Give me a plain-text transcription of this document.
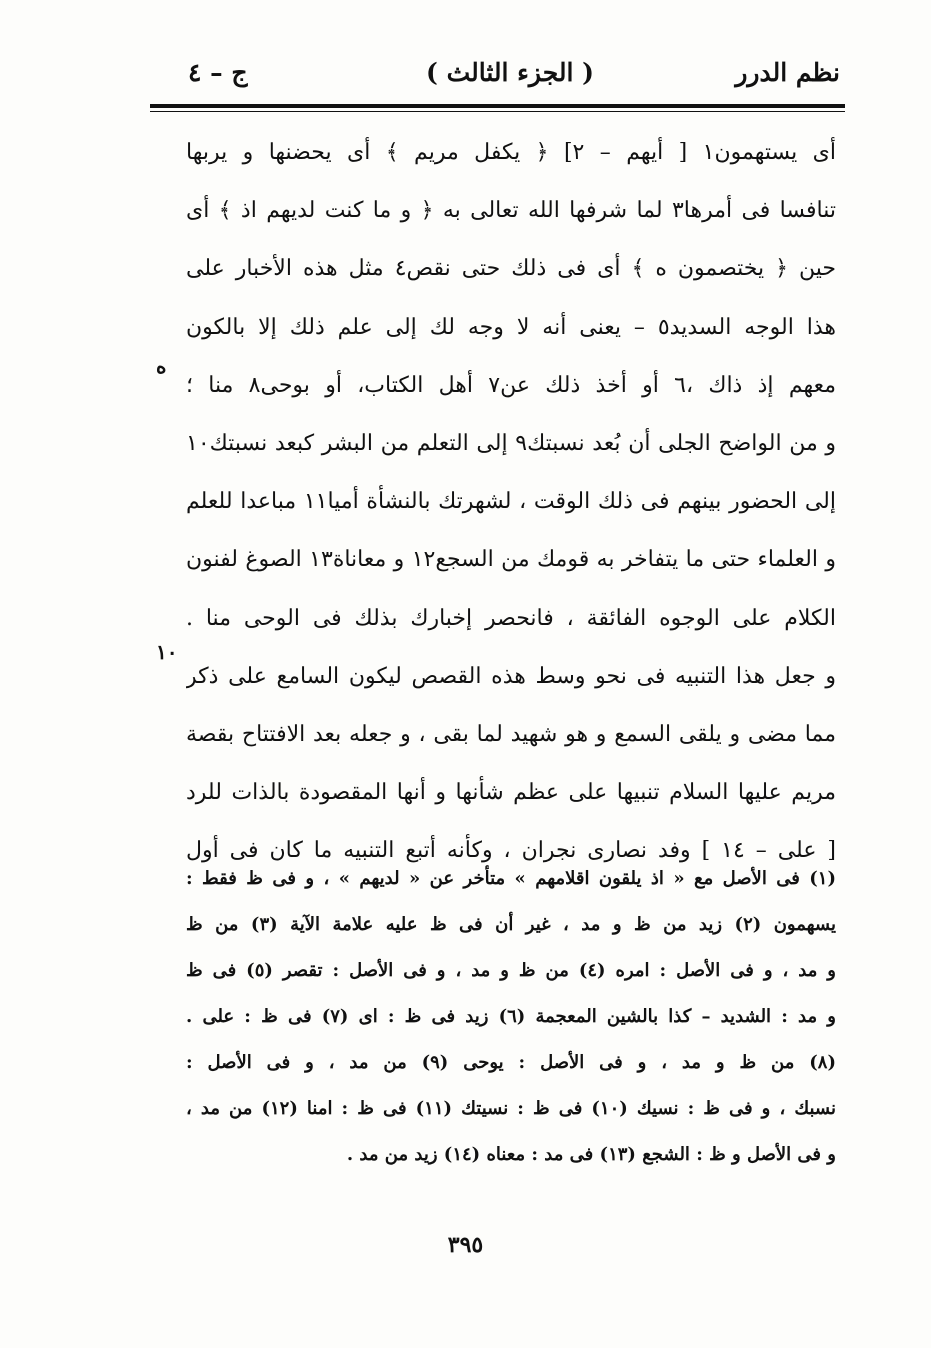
نظم الدرر
( الجزء الثالث )
ج – ٤
أى يستهمون١ [ أيهم – ٢] ﴿ يكفل مريم ﴾ أى يحضنها و يربها
تنافسا فى أمرها٣ لما شرفها الله تعالى به ﴿ و ما كنت لديهم اذ ﴾ أى
حين ﴿ يختصمون ه ﴾ أى فى ذلك حتى نقص٤ مثل هذه الأخبار على
هذا الوجه السديد٥ – يعنى أنه لا وجه لك إلى علم ذلك إلا بالكون
معهم إذ ذاك ،٦ أو أخذ ذلك عن٧ أهل الكتاب، أو بوحى٨ منا ؛
و من الواضح الجلى أن بُعد نسبتك٩ إلى التعلم من البشر كبعد نسبتك١٠
إلى الحضور بينهم فى ذلك الوقت ، لشهرتك بالنشأة أميا١١ مباعدا للعلم
و العلماء حتى ما يتفاخر به قومك من السجع١٢ و معاناة١٣ الصوغ لفنون
الكلام على الوجوه الفائقة ، فانحصر إخبارك بذلك فى الوحى منا .
و جعل هذا التنبيه فى نحو وسط هذه القصص ليكون السامع على ذكر
مما مضى و يلقى السمع و هو شهيد لما بقى ، و جعله بعد الافتتاح بقصة
مريم عليها السلام تنبيها على عظم شأنها و أنها المقصودة بالذات للرد
[ على – ١٤ ] وفد نصارى نجران ، وكأنه أتبع التنبيه ما كان فى أول
ه
١٠
(١) فى الأصل مع « اذ يلقون اقلامهم » متأخر عن « لديهم » ، و فى ظ فقط :
يسهمون (٢) زيد من ظ و مد ، غير أن فى ظ عليه علامة الآية (٣) من ظ
و مد ، و فى الأصل : امره (٤) من ظ و مد ، و فى الأصل : تقصر (٥) فى ظ
و مد : الشديد – كذا بالشين المعجمة (٦) زيد فى ظ : اى (٧) فى ظ : على .
(٨) من ظ و مد ، و فى الأصل : يوحى (٩) من مد ، و فى الأصل :
نسبك ، و فى ظ : نسيك (١٠) فى ظ : نسيتك (١١) فى ظ : امنا (١٢) من مد ،
و فى الأصل و ظ : الشجع (١٣) فى مد : معناه (١٤) زيد من مد .
٣٩٥
